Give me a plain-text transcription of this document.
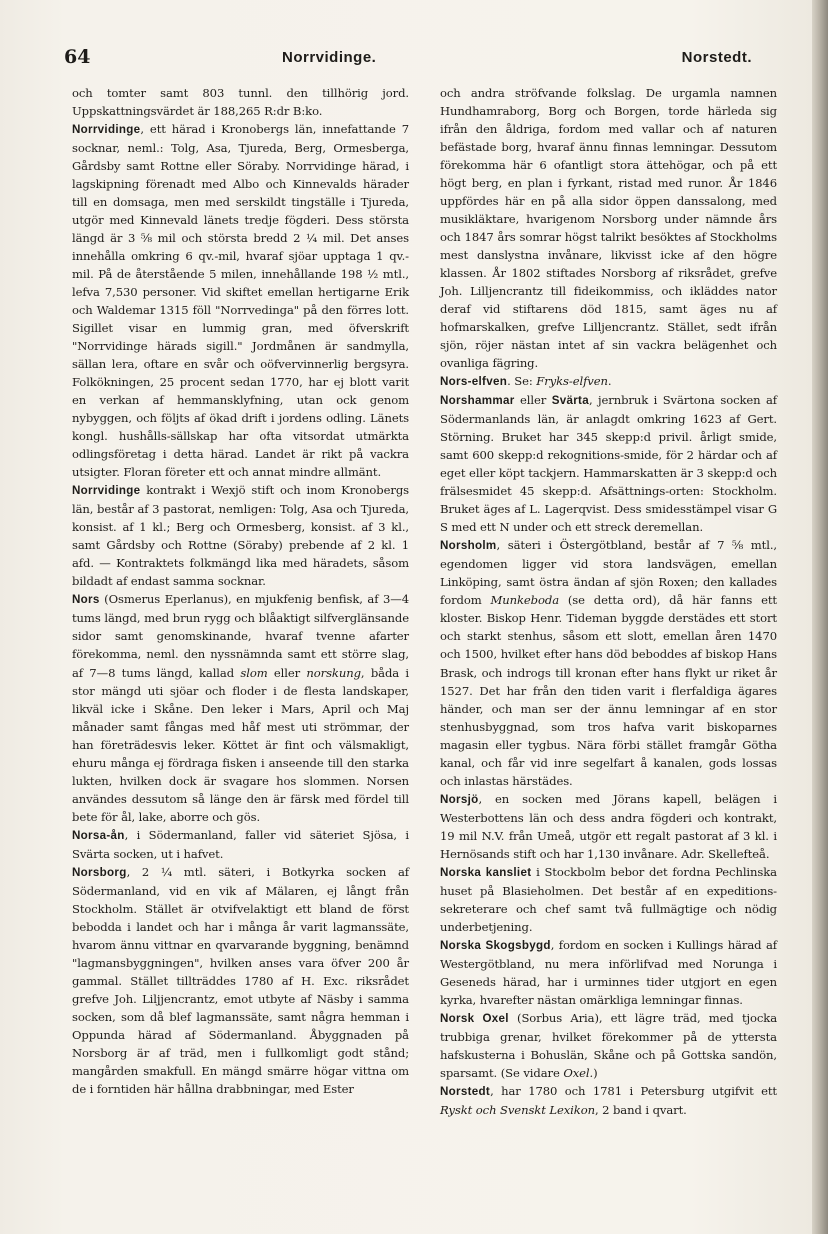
64	Norrvidinge.	Norstedt.

och tomter samt 803 tunnl. den tillhörig jord. Uppskattningsvärdet är 188,265 R:dr B:ko.

Norrvidinge, ett härad i Kronobergs län, innefattande 7 socknar, neml.: Tolg, Asa, Tjureda, Berg, Ormesberga, Gårdsby samt Rottne eller Söraby. Norrvidinge härad, i lagskipning förenadt med Albo och Kinnevalds härader till en domsaga, men med serskildt tingställe i Tjureda, utgör med Kinnevald länets tredje fögderi. Dess största längd är 3 ⅝ mil och största bredd 2 ¼ mil. Det anses innehålla omkring 6 qv.-mil, hvaraf sjöar upptaga 1 qv.-mil. På de återstående 5 milen, innehållande 198 ½ mtl., lefva 7,530 personer. Vid skiftet emellan hertigarne Erik och Waldemar 1315 föll "Norrvedinga" på den förres lott. Sigillet visar en lummig gran, med öfverskrift "Norrvidinge härads sigill." Jordmånen är sandmylla, sällan lera, oftare en svår och oöfvervinnerlig bergsyra. Folkökningen, 25 procent sedan 1770, har ej blott varit en verkan af hemmansklyfning, utan ock genom nybyggen, och följts af ökad drift i jordens odling. Länets kongl. hushålls-sällskap har ofta vitsordat utmärkta odlingsföretag i detta härad. Landet är rikt på vackra utsigter. Floran företer ett och annat mindre allmänt.

Norrvidinge kontrakt i Wexjö stift och inom Kronobergs län, består af 3 pastorat, nemligen: Tolg, Asa och Tjureda, konsist. af 1 kl.; Berg och Ormesberg, konsist. af 3 kl., samt Gårdsby och Rottne (Söraby) prebende af 2 kl. 1 afd. — Kontraktets folkmängd lika med häradets, såsom bildadt af endast samma socknar.

Nors (Osmerus Eperlanus), en mjukfenig benfisk, af 3—4 tums längd, med brun rygg och blåaktigt silfverglänsande sidor samt genomskinande, hvaraf tvenne afarter förekomma, neml. den nyssnämnda samt ett större slag, af 7—8 tums längd, kallad slom eller norskung, båda i stor mängd uti sjöar och floder i de flesta landskaper, likväl icke i Skåne. Den leker i Mars, April och Maj månader samt fångas med håf mest uti strömmar, der han företrädesvis leker. Köttet är fint och välsmakligt, ehuru många ej fördraga fisken i anseende till den starka lukten, hvilken dock är svagare hos slommen. Norsen användes dessutom så länge den är färsk med fördel till bete för ål, lake, aborre och gös.

Norsa-ån, i Södermanland, faller vid säteriet Sjösa, i Svärta socken, ut i hafvet.

Norsborg, 2 ¼ mtl. säteri, i Botkyrka socken af Södermanland, vid en vik af Mälaren, ej långt från Stockholm. Stället är otvifvelaktigt ett bland de först bebodda i landet och har i många år varit lagmanssäte, hvarom ännu vittnar en qvarvarande byggning, benämnd "lagmansbyggningen", hvilken anses vara öfver 200 år gammal. Stället tillträddes 1780 af H. Exc. riksrådet grefve Joh. Liljjencrantz, emot utbyte af Näsby i samma socken, som då blef lagmanssäte, samt några hemman i Oppunda härad af Södermanland. Åbyggnaden på Norsborg är af träd, men i fullkomligt godt stånd; mangården smakfull. En mängd smärre högar vittna om de i forntiden här hållna drabbningar, med Ester

och andra ströfvande folkslag. De urgamla namnen Hundhamraborg, Borg och Borgen, torde härleda sig ifrån den åldriga, fordom med vallar och af naturen befästade borg, hvaraf ännu finnas lemningar. Dessutom förekomma här 6 ofantligt stora ättehögar, och på ett högt berg, en plan i fyrkant, ristad med runor. År 1846 uppfördes här en på alla sidor öppen danssalong, med musikläktare, hvarigenom Norsborg under nämnde års och 1847 års somrar högst talrikt besöktes af Stockholms mest danslystna invånare, likvisst icke af den högre klassen. År 1802 stiftades Norsborg af riksrådet, grefve Joh. Lilljencrantz till fideikommiss, och ikläddes nator deraf vid stiftarens död 1815, samt äges nu af hofmarskalken, grefve Lilljencrantz. Stället, sedt ifrån sjön, röjer nästan intet af sin vackra belägenhet och ovanliga fägring.

Nors-elfven. Se: Fryks-elfven.

Norshammar eller Svärta, jernbruk i Svärtona socken af Södermanlands län, är anlagdt omkring 1623 af Gert. Störning. Bruket har 345 skepp:d privil. årligt smide, samt 600 skepp:d rekognitions-smide, för 2 härdar och af eget eller köpt tackjern. Hammarskatten är 3 skepp:d och frälsesmidet 45 skepp:d. Afsättnings-orten: Stockholm. Bruket äges af L. Lagerqvist. Dess smidesstämpel visar G S med ett N under och ett streck deremellan.

Norsholm, säteri i Östergötbland, består af 7 ⅝ mtl., egendomen ligger vid stora landsvägen, emellan Linköping, samt östra ändan af sjön Roxen; den kallades fordom Munkeboda (se detta ord), då här fanns ett kloster. Biskop Henr. Tideman byggde derstädes ett stort och starkt stenhus, såsom ett slott, emellan åren 1470 och 1500, hvilket efter hans död beboddes af biskop Hans Brask, och indrogs till kronan efter hans flykt ur riket år 1527. Det har från den tiden varit i flerfaldiga ägares händer, och man ser der ännu lemningar af en stor stenhusbyggnad, som tros hafva varit biskoparnes magasin eller tygbus. Nära förbi stället framgår Götha kanal, och får vid inre segelfart å kanalen, gods lossas och inlastas härstädes.

Norsjö, en socken med Jörans kapell, belägen i Westerbottens län och dess andra fögderi och kontrakt, 19 mil N.V. från Umeå, utgör ett regalt pastorat af 3 kl. i Hernösands stift och har 1,130 invånare. Adr. Skellefteå.

Norska kansliet i Stockbolm bebor det fordna Pechlinska huset på Blasieholmen. Det består af en expeditions-sekreterare och chef samt två fullmägtige och nödig underbetjening.

Norska Skogsbygd, fordom en socken i Kullings härad af Westergötbland, nu mera införlifvad med Norunga i Geseneds härad, har i urminnes tider utgjort en egen kyrka, hvarefter nästan omärkliga lemningar finnas.

Norsk Oxel (Sorbus Aria), ett lägre träd, med tjocka trubbiga grenar, hvilket förekommer på de yttersta hafskusterna i Bohuslän, Skåne och på Gottska sandön, sparsamt. (Se vidare Oxel.)

Norstedt, har 1780 och 1781 i Petersburg utgifvit ett Ryskt och Svenskt Lexikon, 2 band i qvart.
